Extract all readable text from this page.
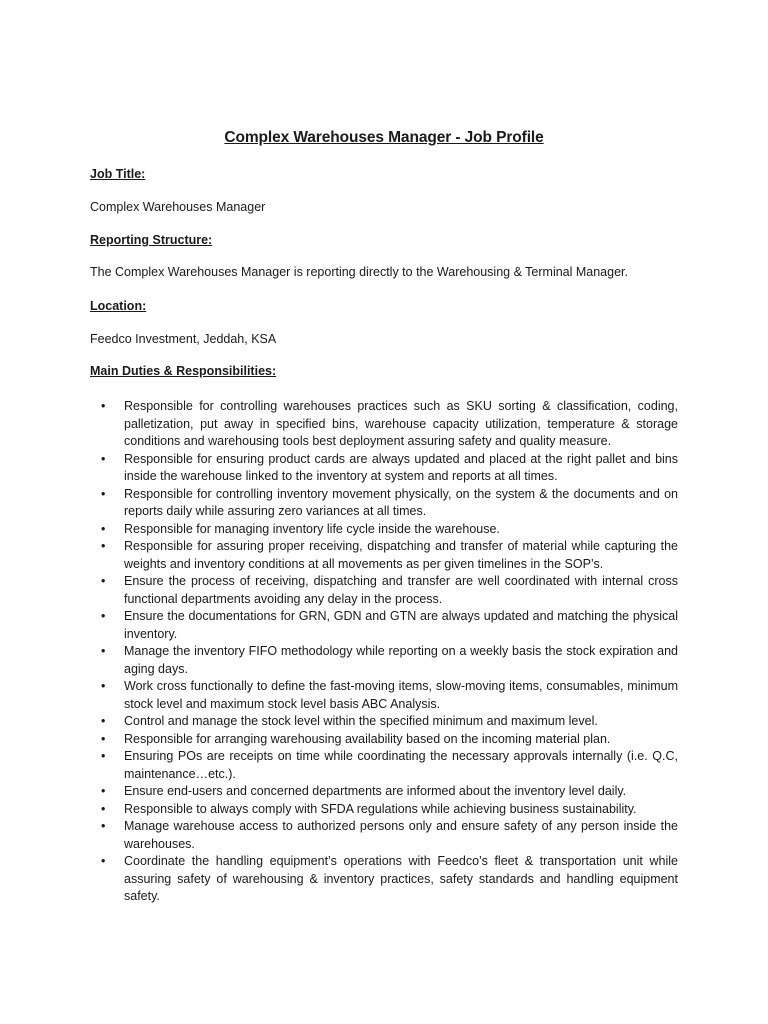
Complex Warehouses Manager - Job Profile
Job Title:
Complex Warehouses Manager
Reporting Structure:
The Complex Warehouses Manager is reporting directly to the Warehousing & Terminal Manager.
Location:
Feedco Investment, Jeddah, KSA
Main Duties & Responsibilities:
• Responsible for controlling warehouses practices such as SKU sorting & classification, coding, palletization, put away in specified bins, warehouse capacity utilization, temperature & storage conditions and warehousing tools best deployment assuring safety and quality measure.
• Responsible for ensuring product cards are always updated and placed at the right pallet and bins inside the warehouse linked to the inventory at system and reports at all times.
• Responsible for controlling inventory movement physically, on the system & the documents and on reports daily while assuring zero variances at all times.
• Responsible for managing inventory life cycle inside the warehouse.
• Responsible for assuring proper receiving, dispatching and transfer of material while capturing the weights and inventory conditions at all movements as per given timelines in the SOP’s.
• Ensure the process of receiving, dispatching and transfer are well coordinated with internal cross functional departments avoiding any delay in the process.
• Ensure the documentations for GRN, GDN and GTN are always updated and matching the physical inventory.
• Manage the inventory FIFO methodology while reporting on a weekly basis the stock expiration and aging days.
• Work cross functionally to define the fast-moving items, slow-moving items, consumables, minimum stock level and maximum stock level basis ABC Analysis.
• Control and manage the stock level within the specified minimum and maximum level.
• Responsible for arranging warehousing availability based on the incoming material plan.
• Ensuring POs are receipts on time while coordinating the necessary approvals internally (i.e. Q.C, maintenance…etc.).
• Ensure end-users and concerned departments are informed about the inventory level daily.
• Responsible to always comply with SFDA regulations while achieving business sustainability.
• Manage warehouse access to authorized persons only and ensure safety of any person inside the warehouses.
• Coordinate the handling equipment’s operations with Feedco’s fleet & transportation unit while assuring safety of warehousing & inventory practices, safety standards and handling equipment safety.
